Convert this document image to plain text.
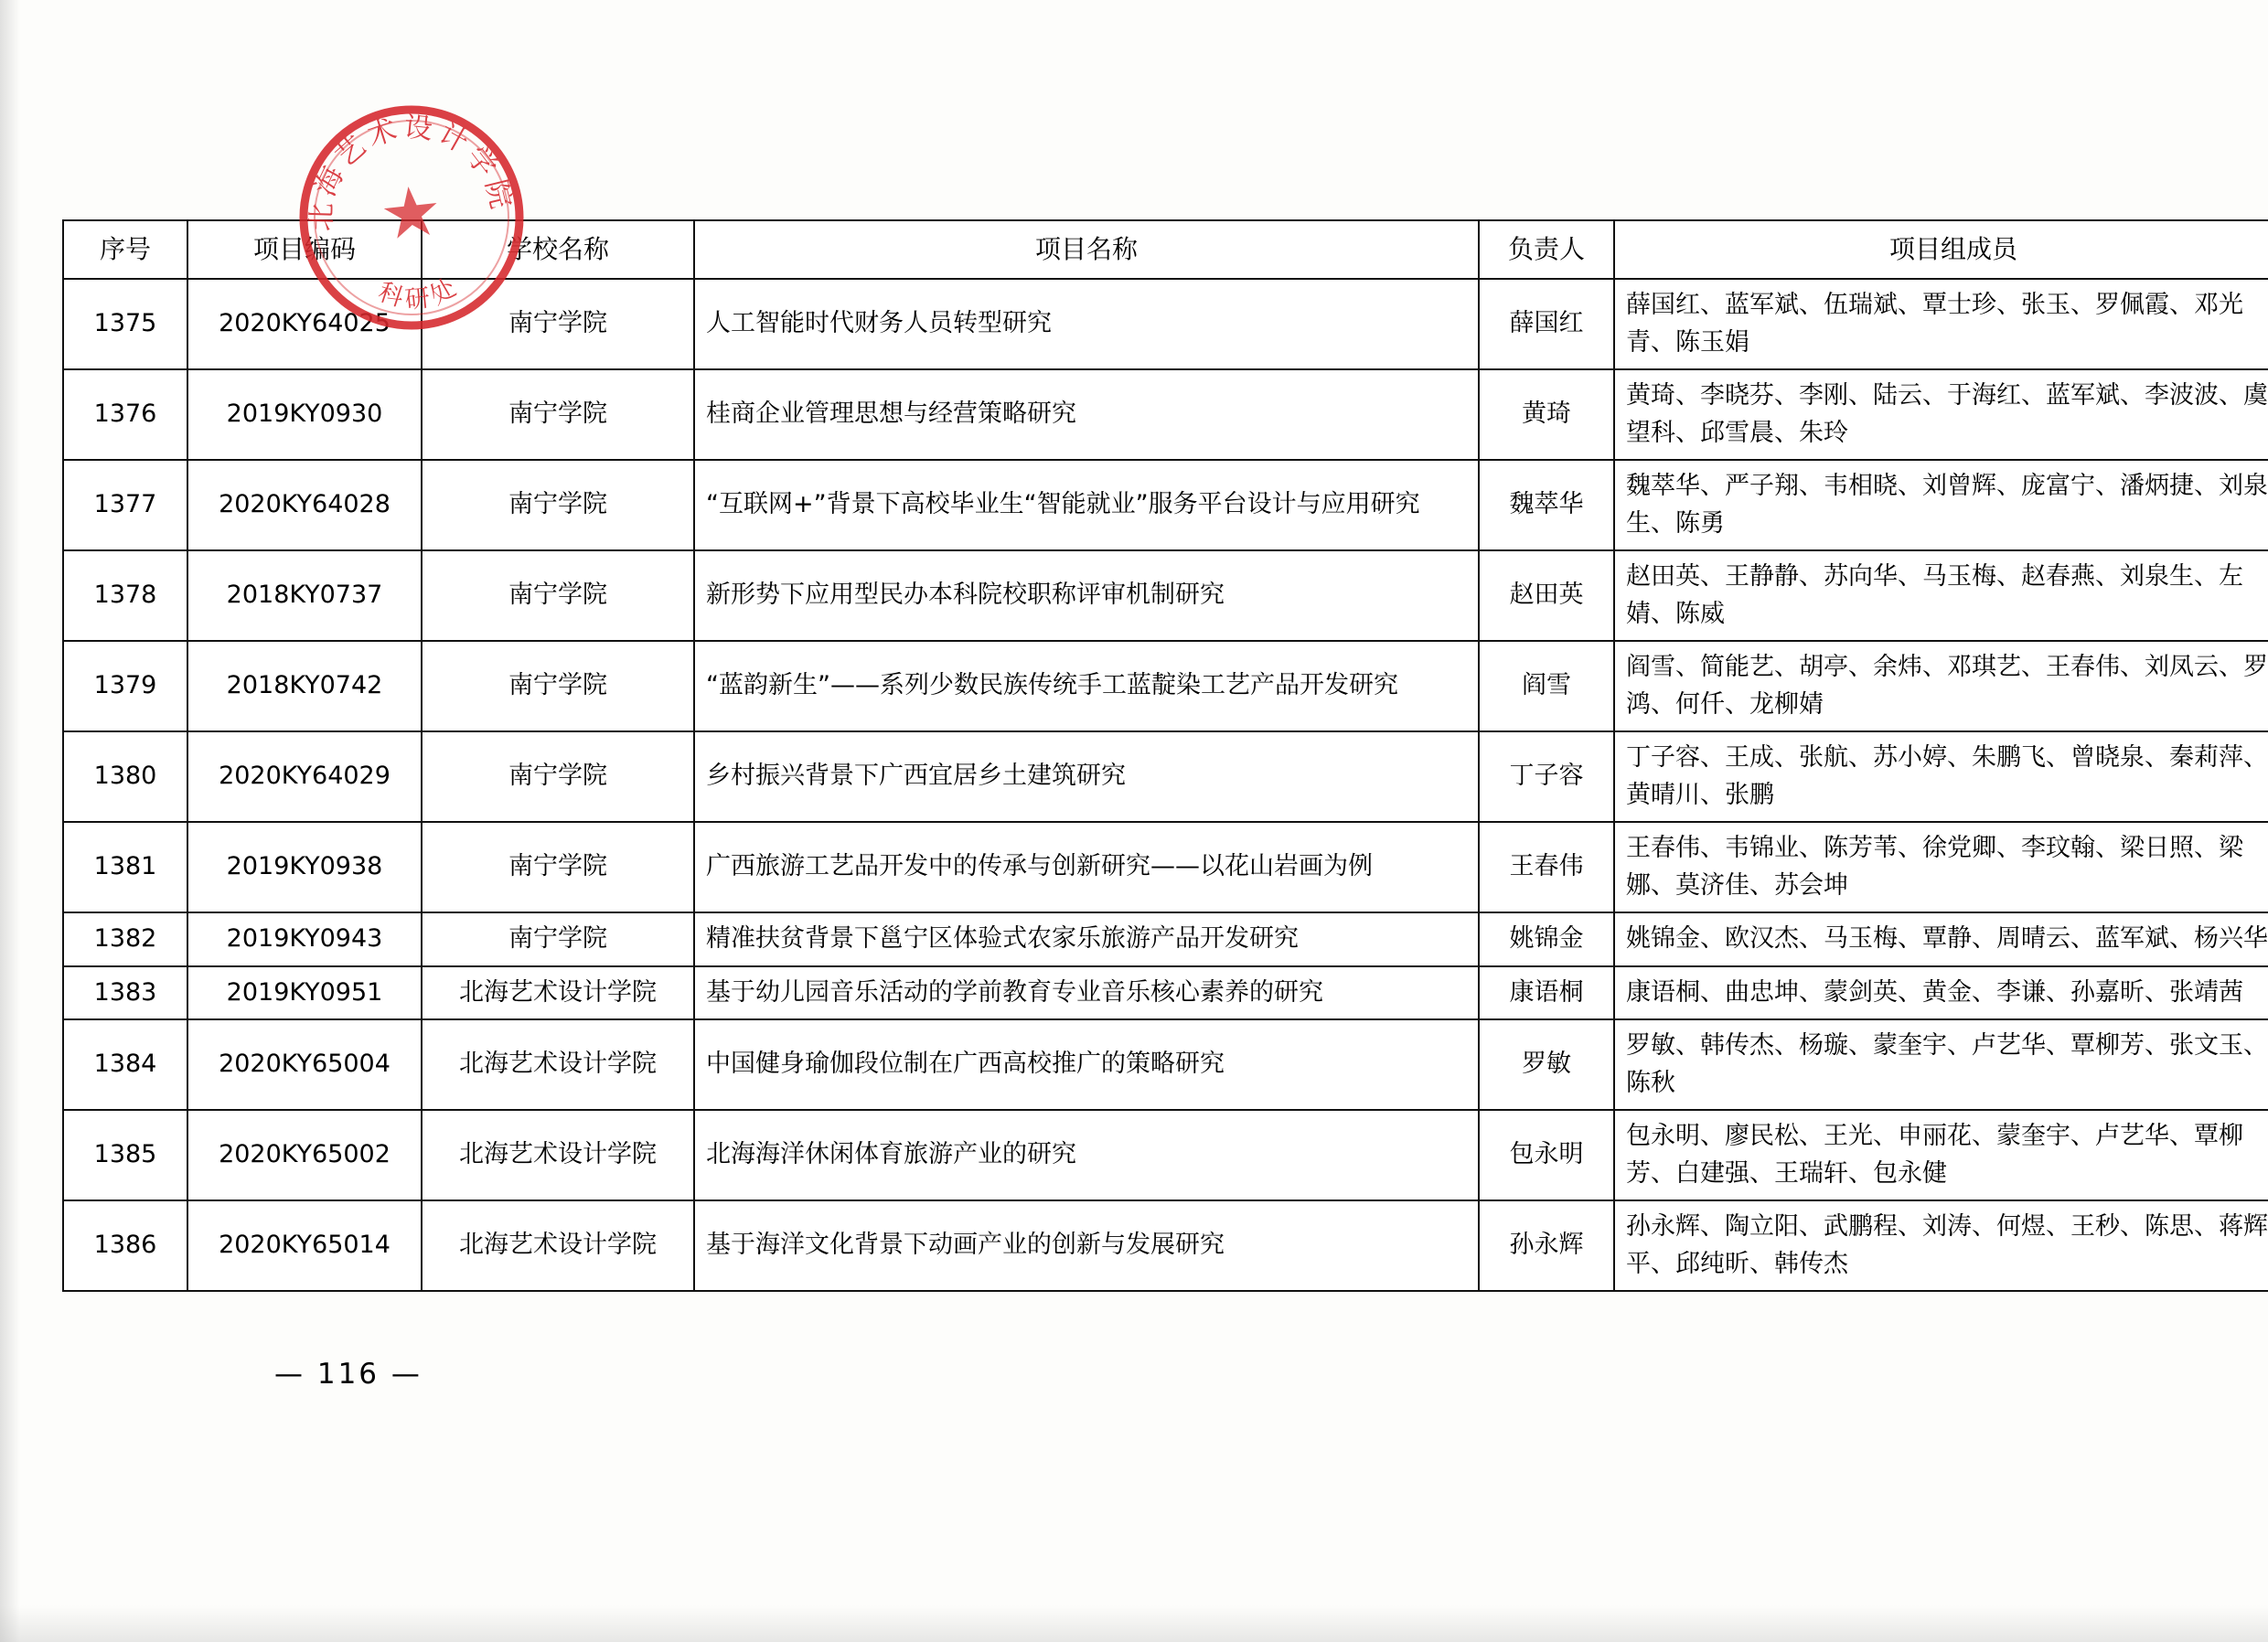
北海艺术设计学院
科研处
序号	项目编码	学校名称	项目名称	负责人	项目组成员
1375	2020KY64025	南宁学院	人工智能时代财务人员转型研究	薛国红	薛国红、蓝军斌、伍瑞斌、覃士珍、张玉、罗佩霞、邓光青、陈玉娟
1376	2019KY0930	南宁学院	桂商企业管理思想与经营策略研究	黄琦	黄琦、李晓芬、李刚、陆云、于海红、蓝军斌、李波波、虞望科、邱雪晨、朱玲
1377	2020KY64028	南宁学院	“互联网+”背景下高校毕业生“智能就业”服务平台设计与应用研究	魏萃华	魏萃华、严子翔、韦相晓、刘曾辉、庞富宁、潘炳捷、刘泉生、陈勇
1378	2018KY0737	南宁学院	新形势下应用型民办本科院校职称评审机制研究	赵田英	赵田英、王静静、苏向华、马玉梅、赵春燕、刘泉生、左婧、陈威
1379	2018KY0742	南宁学院	“蓝韵新生”——系列少数民族传统手工蓝靛染工艺产品开发研究	阎雪	阎雪、简能艺、胡亭、余炜、邓琪艺、王春伟、刘凤云、罗鸿、何仟、龙柳婧
1380	2020KY64029	南宁学院	乡村振兴背景下广西宜居乡土建筑研究	丁子容	丁子容、王成、张航、苏小婷、朱鹏飞、曾晓泉、秦莉萍、黄晴川、张鹏
1381	2019KY0938	南宁学院	广西旅游工艺品开发中的传承与创新研究——以花山岩画为例	王春伟	王春伟、韦锦业、陈芳苇、徐党卿、李玟翰、梁日照、梁娜、莫济佳、苏会坤
1382	2019KY0943	南宁学院	精准扶贫背景下邕宁区体验式农家乐旅游产品开发研究	姚锦金	姚锦金、欧汉杰、马玉梅、覃静、周晴云、蓝军斌、杨兴华
1383	2019KY0951	北海艺术设计学院	基于幼儿园音乐活动的学前教育专业音乐核心素养的研究	康语桐	康语桐、曲忠坤、蒙剑英、黄金、李谦、孙嘉昕、张靖茜
1384	2020KY65004	北海艺术设计学院	中国健身瑜伽段位制在广西高校推广的策略研究	罗敏	罗敏、韩传杰、杨璇、蒙奎宇、卢艺华、覃柳芳、张文玉、陈秋
1385	2020KY65002	北海艺术设计学院	北海海洋休闲体育旅游产业的研究	包永明	包永明、廖民松、王光、申丽花、蒙奎宇、卢艺华、覃柳芳、白建强、王瑞轩、包永健
1386	2020KY65014	北海艺术设计学院	基于海洋文化背景下动画产业的创新与发展研究	孙永辉	孙永辉、陶立阳、武鹏程、刘涛、何煜、王秒、陈思、蒋辉平、邱纯昕、韩传杰
— 116 —
